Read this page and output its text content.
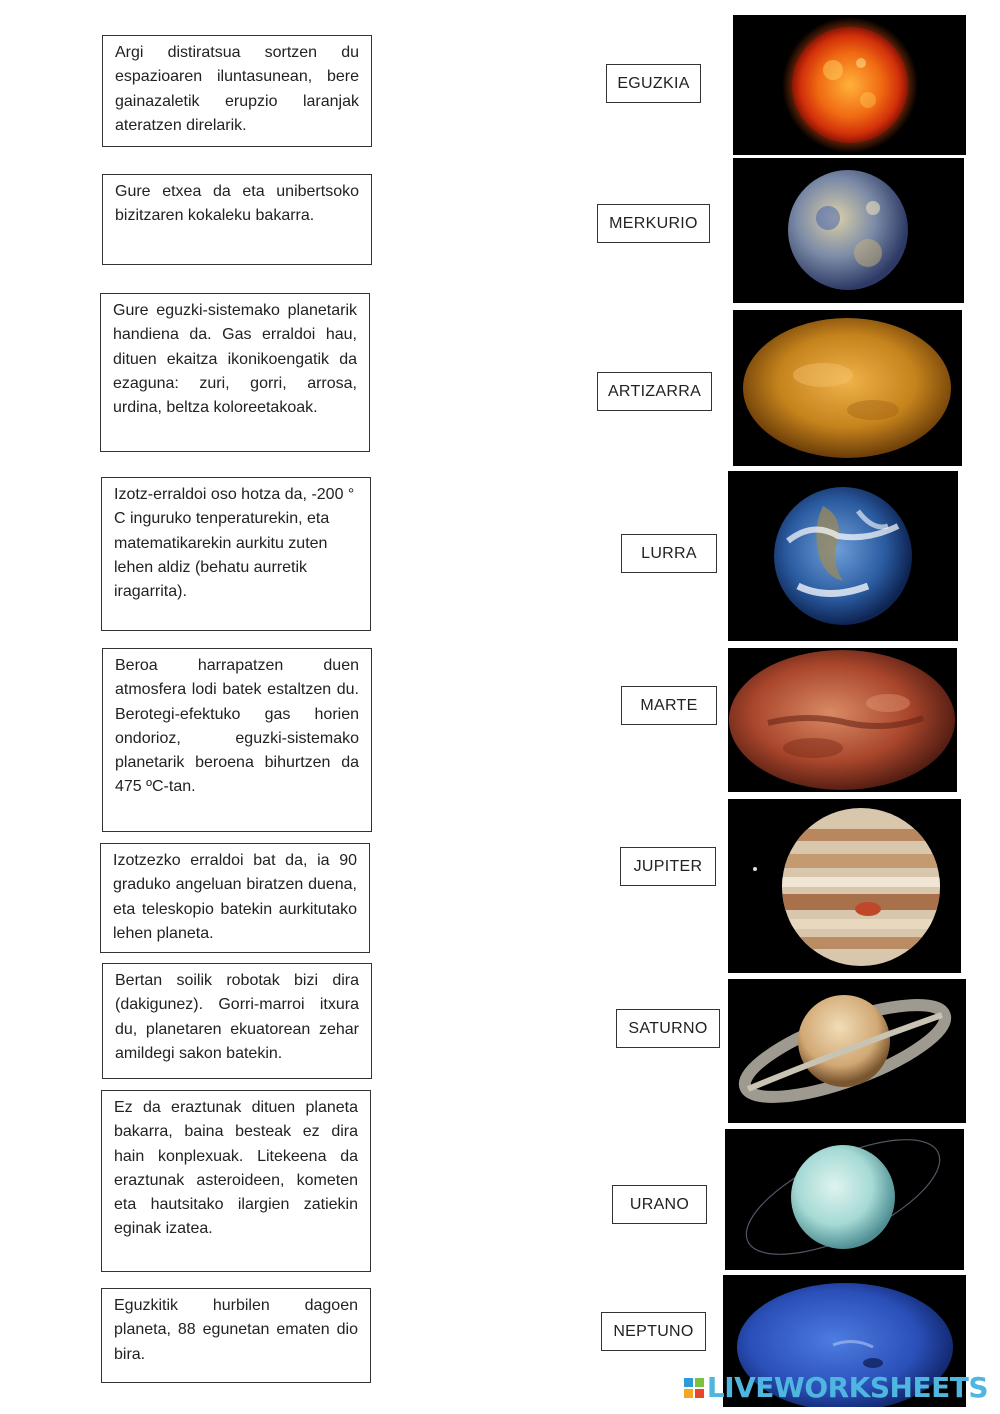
Argi distiratsua sortzen du espazioaren iluntasunean, bere gainazaletik erupzio laranjak ateratzen direlarik.
Gure etxea da eta unibertsoko bizitzaren kokaleku bakarra.
Gure eguzki-sistemako planetarik handiena da. Gas erraldoi hau, dituen ekaitza ikonikoengatik da ezaguna: zuri, gorri, arrosa, urdina, beltza koloreetakoak.
Izotz-erraldoi oso hotza da, -200 ° C inguruko tenperaturekin, eta matematikarekin aurkitu zuten lehen aldiz (behatu aurretik iragarrita).
Beroa harrapatzen duen atmosfera lodi batek estaltzen du. Berotegi-efektuko gas horien ondorioz, eguzki-sistemako planetarik beroena bihurtzen da 475 ºC-tan.
Izotzezko erraldoi bat da, ia 90 graduko angeluan biratzen duena, eta teleskopio batekin aurkitutako lehen planeta.
Bertan soilik robotak bizi dira (dakigunez). Gorri-marroi itxura du, planetaren ekuatorean zehar amildegi sakon batekin.
Ez da eraztunak dituen planeta bakarra, baina besteak ez dira hain konplexuak. Litekeena da eraztunak asteroideen, kometen eta hautsitako ilargien zatiekin eginak izatea.
Eguzkitik hurbilen dagoen planeta, 88 egunetan ematen dio bira.
EGUZKIA
MERKURIO
ARTIZARRA
LURRA
MARTE
JUPITER
SATURNO
URANO
NEPTUNO
LIVEWORKSHEETS
